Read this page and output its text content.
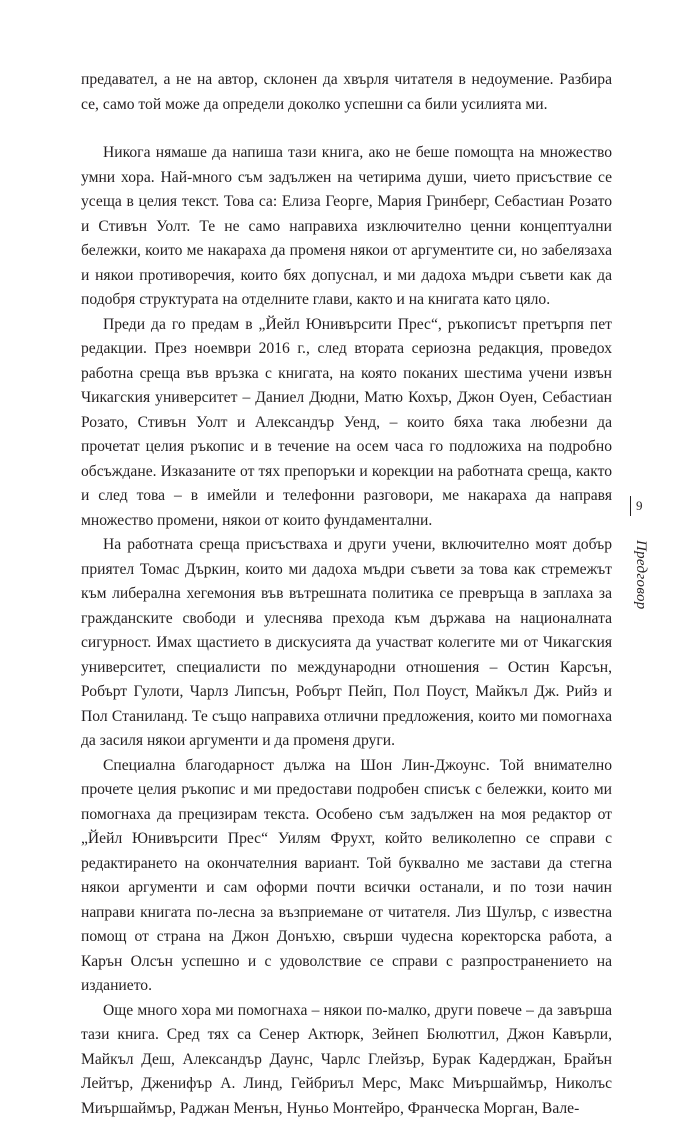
предавател, а не на автор, склонен да хвърля читателя в недоумение. Разбира се, само той може да определи доколко успешни са били усилията ми.

Никога нямаше да напиша тази книга, ако не беше помощта на множество умни хора. Най-много съм задължен на четирима души, чието присъствие се усеща в целия текст. Това са: Елиза Георге, Мария Гринберг, Себастиан Розато и Стивън Уолт. Те не само направиха изключително ценни концептуални бележки, които ме накараха да променя някои от аргументите си, но забелязаха и някои противоречия, които бях допуснал, и ми дадоха мъдри съвети как да подобря структурата на отделните глави, както и на книгата като цяло.

Преди да го предам в „Йейл Юнивърсити Прес“, ръкописът претърпя пет редакции. През ноември 2016 г., след втората сериозна редакция, проведох работна среща във връзка с книгата, на която поканих шестима учени извън Чикагския университет – Даниел Дюдни, Матю Кохър, Джон Оуен, Себастиан Розато, Стивън Уолт и Александър Уенд, – които бяха така любезни да прочетат целия ръкопис и в течение на осем часа го подложиха на подробно обсъждане. Изказаните от тях препоръки и корекции на работната среща, както и след това – в имейли и телефонни разговори, ме накараха да направя множество промени, някои от които фундаментални.

На работната среща присъстваха и други учени, включително моят добър приятел Томас Дъркин, които ми дадоха мъдри съвети за това как стремежът към либерална хегемония във вътрешната политика се превръща в заплаха за гражданските свободи и улеснява прехода към държава на националната сигурност. Имах щастието в дискусията да участват колегите ми от Чикагския университет, специалисти по международни отношения – Остин Карсън, Робърт Гулоти, Чарлз Липсън, Робърт Пейп, Пол Поуст, Майкъл Дж. Рийз и Пол Станиланд. Те също направиха отлични предложения, които ми помогнаха да засиля някои аргументи и да променя други.

Специална благодарност дължа на Шон Лин-Джоунс. Той внимателно прочете целия ръкопис и ми предостави подробен списък с бележки, които ми помогнаха да прецизирам текста. Особено съм задължен на моя редактор от „Йейл Юнивърсити Прес“ Уилям Фрухт, който великолепно се справи с редактирането на окончателния вариант. Той буквално ме застави да стегна някои аргументи и сам оформи почти всички останали, и по този начин направи книгата по-лесна за възприемане от читателя. Лиз Шулър, с известна помощ от страна на Джон Донъхю, свърши чудесна коректорска работа, а Карън Олсън успешно и с удоволствие се справи с разпространението на изданието.

Още много хора ми помогнаха – някои по-малко, други повече – да завърша тази книга. Сред тях са Сенер Актюрк, Зейнеп Бюлютгил, Джон Кавърли, Майкъл Деш, Александър Даунс, Чарлс Глейзър, Бурак Кадерджан, Брайън Лейтър, Дженифър А. Линд, Гейбриъл Мерс, Макс Миършаймър, Николъс Миършаймър, Раджан Менън, Нуньо Монтейро, Франческа Морган, Вале-

9
Предговор
